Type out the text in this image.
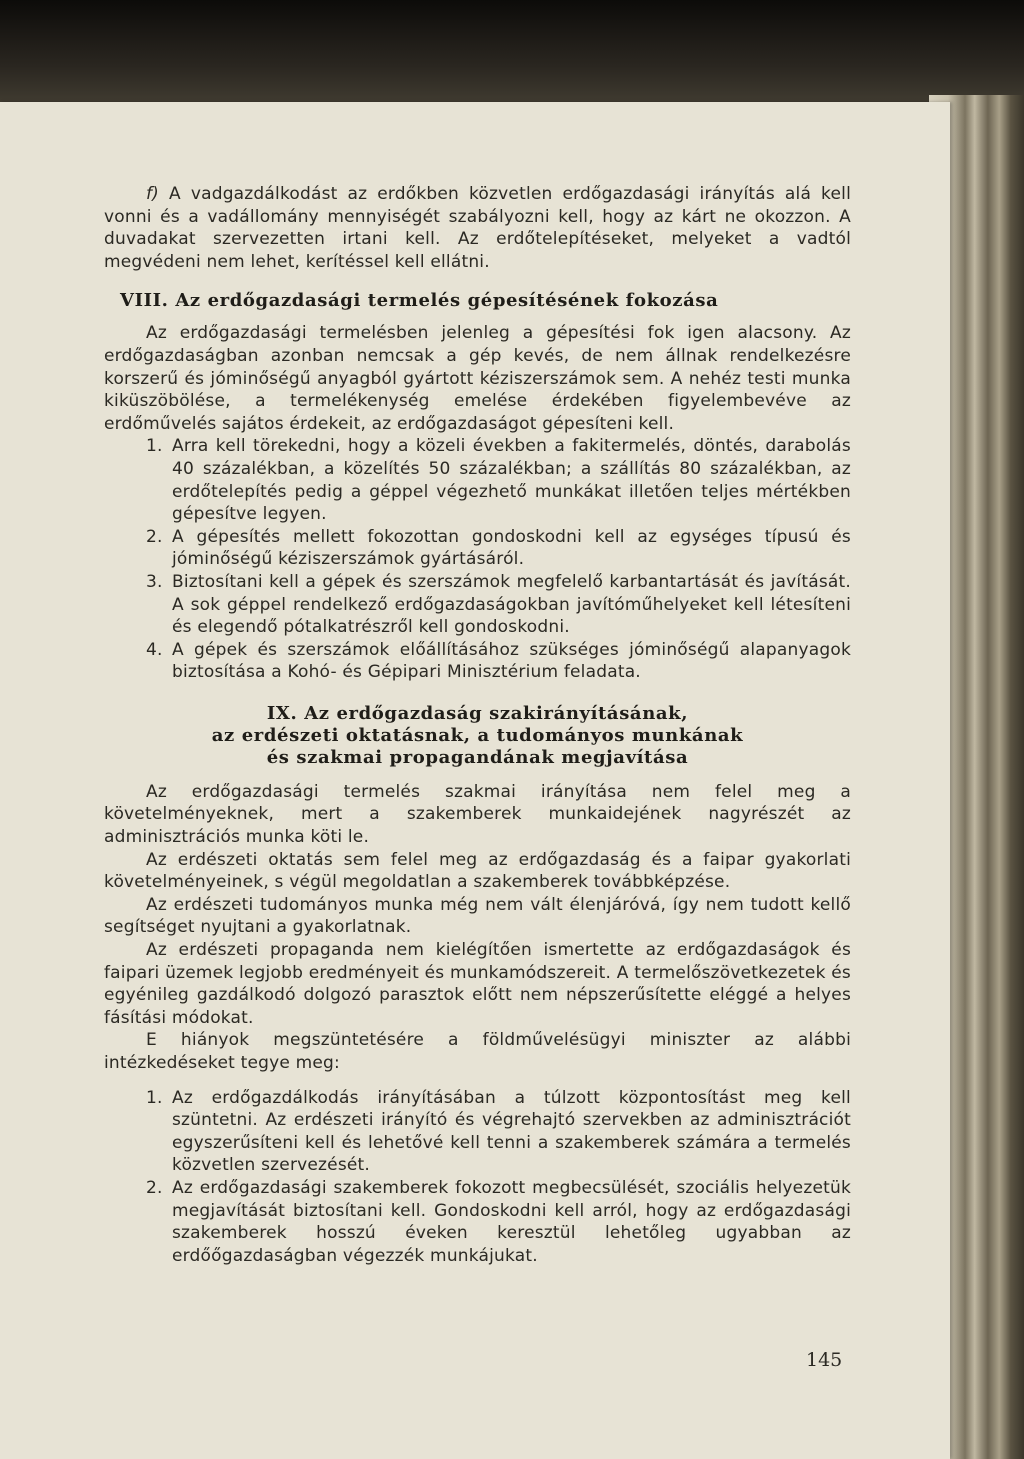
f) A vadgazdálkodást az erdőkben közvetlen erdőgazdasági irányítás alá kell vonni és a vadállomány mennyiségét szabályozni kell, hogy az kárt ne okozzon. A duvadakat szervezetten irtani kell. Az erdőtelepítéseket, melyeket a vadtól megvédeni nem lehet, kerítéssel kell ellátni.

VIII. Az erdőgazdasági termelés gépesítésének fokozása

Az erdőgazdasági termelésben jelenleg a gépesítési fok igen alacsony. Az erdőgazdaságban azonban nemcsak a gép kevés, de nem állnak rendelkezésre korszerű és jóminőségű anyagból gyártott kéziszerszámok sem. A nehéz testi munka kiküszöbölése, a termelékenység emelése érdekében figyelembevéve az erdőművelés sajátos érdekeit, az erdőgazdaságot gépesíteni kell.

1. Arra kell törekedni, hogy a közeli években a fakitermelés, döntés, darabolás 40 százalékban, a közelítés 50 százalékban; a szállítás 80 százalékban, az erdőtelepítés pedig a géppel végezhető munkákat illetően teljes mértékben gépesítve legyen.
2. A gépesítés mellett fokozottan gondoskodni kell az egységes típusú és jóminőségű kéziszerszámok gyártásáról.
3. Biztosítani kell a gépek és szerszámok megfelelő karbantartását és javítását. A sok géppel rendelkező erdőgazdaságokban javítóműhelyeket kell létesíteni és elegendő pótalkatrészről kell gondoskodni.
4. A gépek és szerszámok előállításához szükséges jóminőségű alapanyagok biztosítása a Kohó- és Gépipari Minisztérium feladata.
IX. Az erdőgazdaság szakirányításának,
az erdészeti oktatásnak, a tudományos munkának
és szakmai propagandának megjavítása

Az erdőgazdasági termelés szakmai irányítása nem felel meg a követelményeknek, mert a szakemberek munkaidejének nagyrészét az adminisztrációs munka köti le.

Az erdészeti oktatás sem felel meg az erdőgazdaság és a faipar gyakorlati követelményeinek, s végül megoldatlan a szakemberek továbbképzése.

Az erdészeti tudományos munka még nem vált élenjáróvá, így nem tudott kellő segítséget nyujtani a gyakorlatnak.

Az erdészeti propaganda nem kielégítően ismertette az erdőgazdaságok és faipari üzemek legjobb eredményeit és munkamódszereit. A termelőszövetkezetek és egyénileg gazdálkodó dolgozó parasztok előtt nem népszerűsítette eléggé a helyes fásítási módokat.

E hiányok megszüntetésére a földművelésügyi miniszter az alábbi intézkedéseket tegye meg:

1. Az erdőgazdálkodás irányításában a túlzott központosítást meg kell szüntetni. Az erdészeti irányító és végrehajtó szervekben az adminisztrációt egyszerűsíteni kell és lehetővé kell tenni a szakemberek számára a termelés közvetlen szervezését.
2. Az erdőgazdasági szakemberek fokozott megbecsülését, szociális helyezetük megjavítását biztosítani kell. Gondoskodni kell arról, hogy az erdőgazdasági szakemberek hosszú éveken keresztül lehetőleg ugyabban az erdőőgazdaságban végezzék munkájukat.
145
